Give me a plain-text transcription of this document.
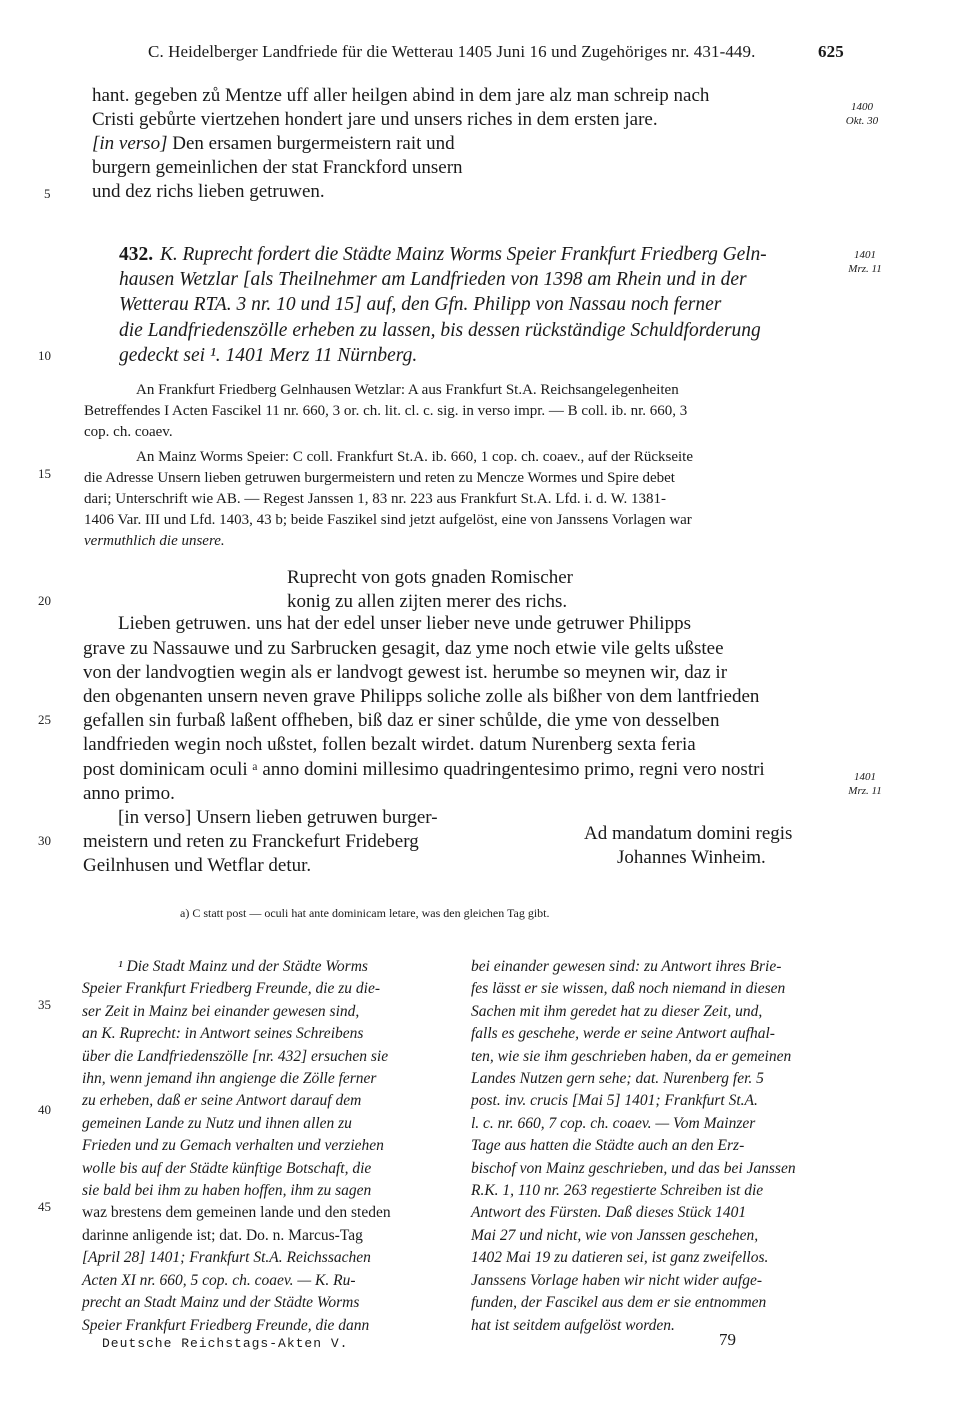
C. Heidelberger Landfriede für die Wetterau 1405 Juni 16 und Zugehöriges nr. 431-449.	625
hant. gegeben zů Mentze uff aller heilgen abind in dem jare alz man schreip nach
Cristi gebůrte viertzehen hondert jare und unsers riches in dem ersten jare.
[in verso] Den ersamen burgermeistern rait und
burgern gemeinlichen der stat Franckford unsern
und dez richs lieben getruwen.
1400
Okt. 30
5
10
15
20
25
30
35
40
45
432. K. Ruprecht fordert die Städte Mainz Worms Speier Frankfurt Friedberg Geln-
hausen Wetzlar [als Theilnehmer am Landfrieden von 1398 am Rhein und in der
Wetterau RTA. 3 nr. 10 und 15] auf, den Gfn. Philipp von Nassau noch ferner
die Landfriedenszölle erheben zu lassen, bis dessen rückständige Schuldforderung
gedeckt sei ¹. 1401 Merz 11 Nürnberg.
1401
Mrz. 11
An Frankfurt Friedberg Gelnhausen Wetzlar: A aus Frankfurt St.A. Reichsangelegenheiten
Betreffendes I Acten Fascikel 11 nr. 660, 3 or. ch. lit. cl. c. sig. in verso impr. — B coll. ib. nr. 660, 3
cop. ch. coaev.
An Mainz Worms Speier: C coll. Frankfurt St.A. ib. 660, 1 cop. ch. coaev., auf der Rückseite
die Adresse Unsern lieben getruwen burgermeistern und reten zu Mencze Wormes und Spire debet
dari; Unterschrift wie AB. — Regest Janssen 1, 83 nr. 223 aus Frankfurt St.A. Lfd. i. d. W. 1381-
1406 Var. III und Lfd. 1403, 43 b; beide Faszikel sind jetzt aufgelöst, eine von Janssens Vorlagen war
vermuthlich die unsere.
Ruprecht von gots gnaden Romischer
konig zu allen zijten merer des richs.
Lieben getruwen. uns hat der edel unser lieber neve unde getruwer Philipps
grave zu Nassauwe und zu Sarbrucken gesagit, daz yme noch etwie vile gelts ußstee
von der landvogtien wegin als er landvogt gewest ist. herumbe so meynen wir, daz ir
den obgenanten unsern neven grave Philipps soliche zolle als bißher von dem lantfrieden
gefallen sin furbaß laßent offheben, biß daz er siner schůlde, die yme von desselben
landfrieden wegin noch ußstet, follen bezalt wirdet. datum Nurenberg sexta feria
post dominicam oculi ᵃ anno domini millesimo quadringentesimo primo, regni vero nostri
anno primo.
1401
Mrz. 11
[in verso] Unsern lieben getruwen burger-
meistern und reten zu Franckefurt Frideberg
Geilnhusen und Wetflar detur.
Ad mandatum domini regis
Johannes Winheim.
a) C statt post — oculi hat ante dominicam letare, was den gleichen Tag gibt.
¹ Die Stadt Mainz und der Städte Worms
Speier Frankfurt Friedberg Freunde, die zu die-
ser Zeit in Mainz bei einander gewesen sind,
an K. Ruprecht: in Antwort seines Schreibens
über die Landfriedenszölle [nr. 432] ersuchen sie
ihn, wenn jemand ihn angienge die Zölle ferner
zu erheben, daß er seine Antwort darauf dem
gemeinen Lande zu Nutz und ihnen allen zu
Frieden und zu Gemach verhalten und verziehen
wolle bis auf der Städte künftige Botschaft, die
sie bald bei ihm zu haben hoffen, ihm zu sagen
waz brestens dem gemeinen lande und den steden
darinne anligende ist; dat. Do. n. Marcus-Tag
[April 28] 1401; Frankfurt St.A. Reichssachen
Acten XI nr. 660, 5 cop. ch. coaev. — K. Ru-
precht an Stadt Mainz und der Städte Worms
Speier Frankfurt Friedberg Freunde, die dann
bei einander gewesen sind: zu Antwort ihres Brie-
fes lässt er sie wissen, daß noch niemand in diesen
Sachen mit ihm geredet hat zu dieser Zeit, und,
falls es geschehe, werde er seine Antwort aufhal-
ten, wie sie ihm geschrieben haben, da er gemeinen
Landes Nutzen gern sehe; dat. Nurenberg fer. 5
post. inv. crucis [Mai 5] 1401; Frankfurt St.A.
l. c. nr. 660, 7 cop. ch. coaev. — Vom Mainzer
Tage aus hatten die Städte auch an den Erz-
bischof von Mainz geschrieben, und das bei Janssen
R.K. 1, 110 nr. 263 regestierte Schreiben ist die
Antwort des Fürsten. Daß dieses Stück 1401
Mai 27 und nicht, wie von Janssen geschehen,
1402 Mai 19 zu datieren sei, ist ganz zweifellos.
Janssens Vorlage haben wir nicht wider aufge-
funden, der Fascikel aus dem er sie entnommen
hat ist seitdem aufgelöst worden.
Deutsche Reichstags-Akten V.	79
